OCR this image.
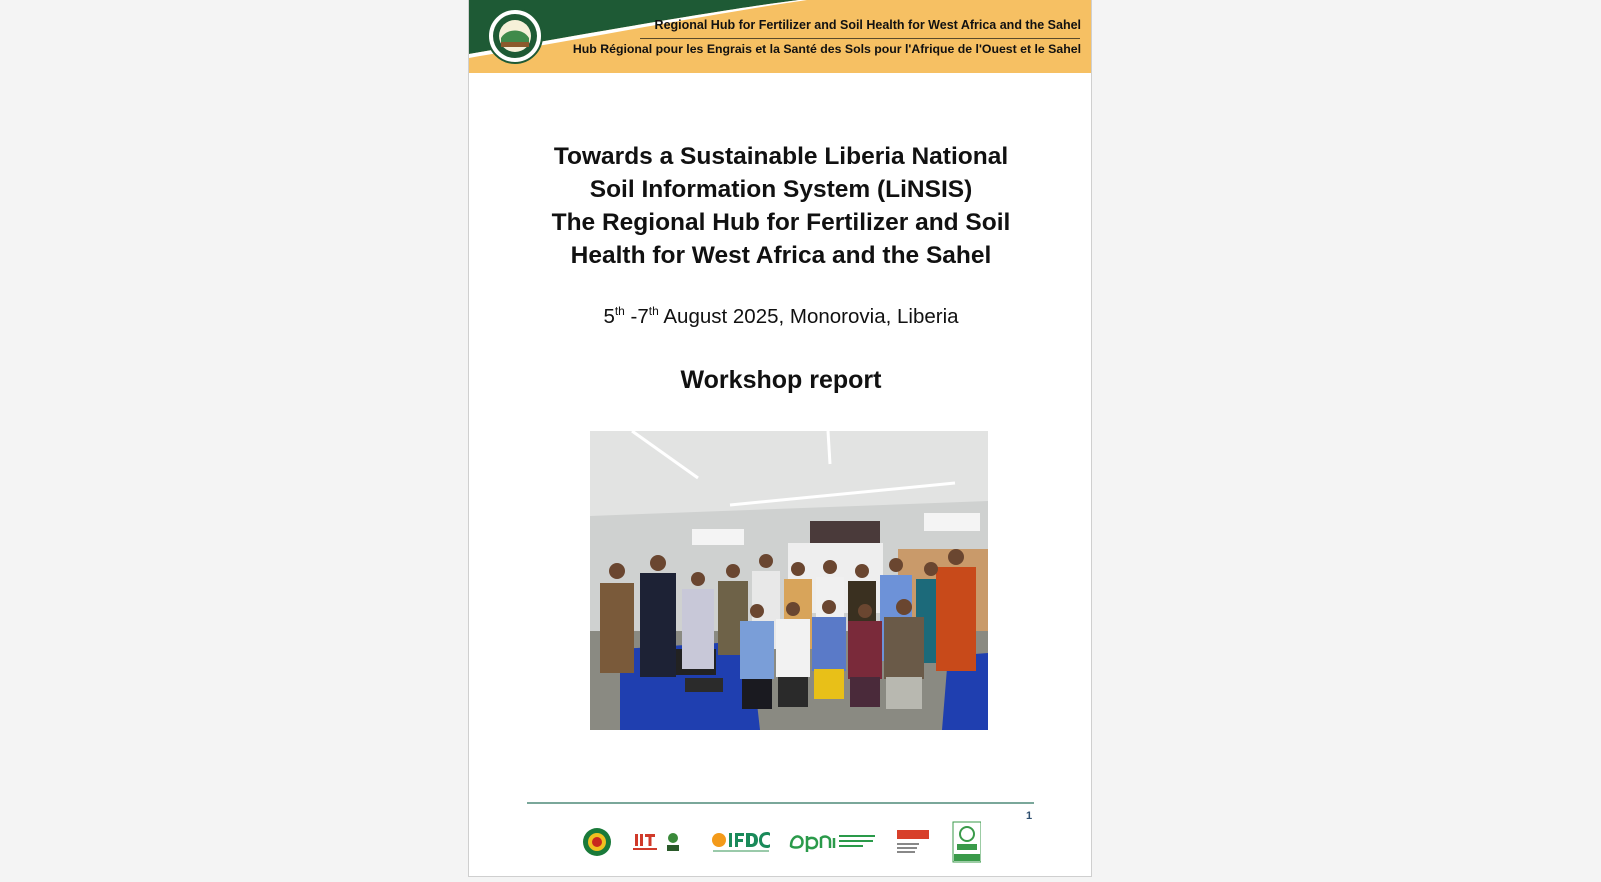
Regional Hub for Fertilizer and Soil Health for West Africa and the Sahel
Hub Régional pour les Engrais et la Santé des Sols pour l'Afrique de l'Ouest et le Sahel
Towards a Sustainable Liberia National
Soil Information System (LiNSIS)
The Regional Hub for Fertilizer and Soil
Health for West Africa and the Sahel
5th -7th August 2025, Monorovia, Liberia
Workshop report
1
